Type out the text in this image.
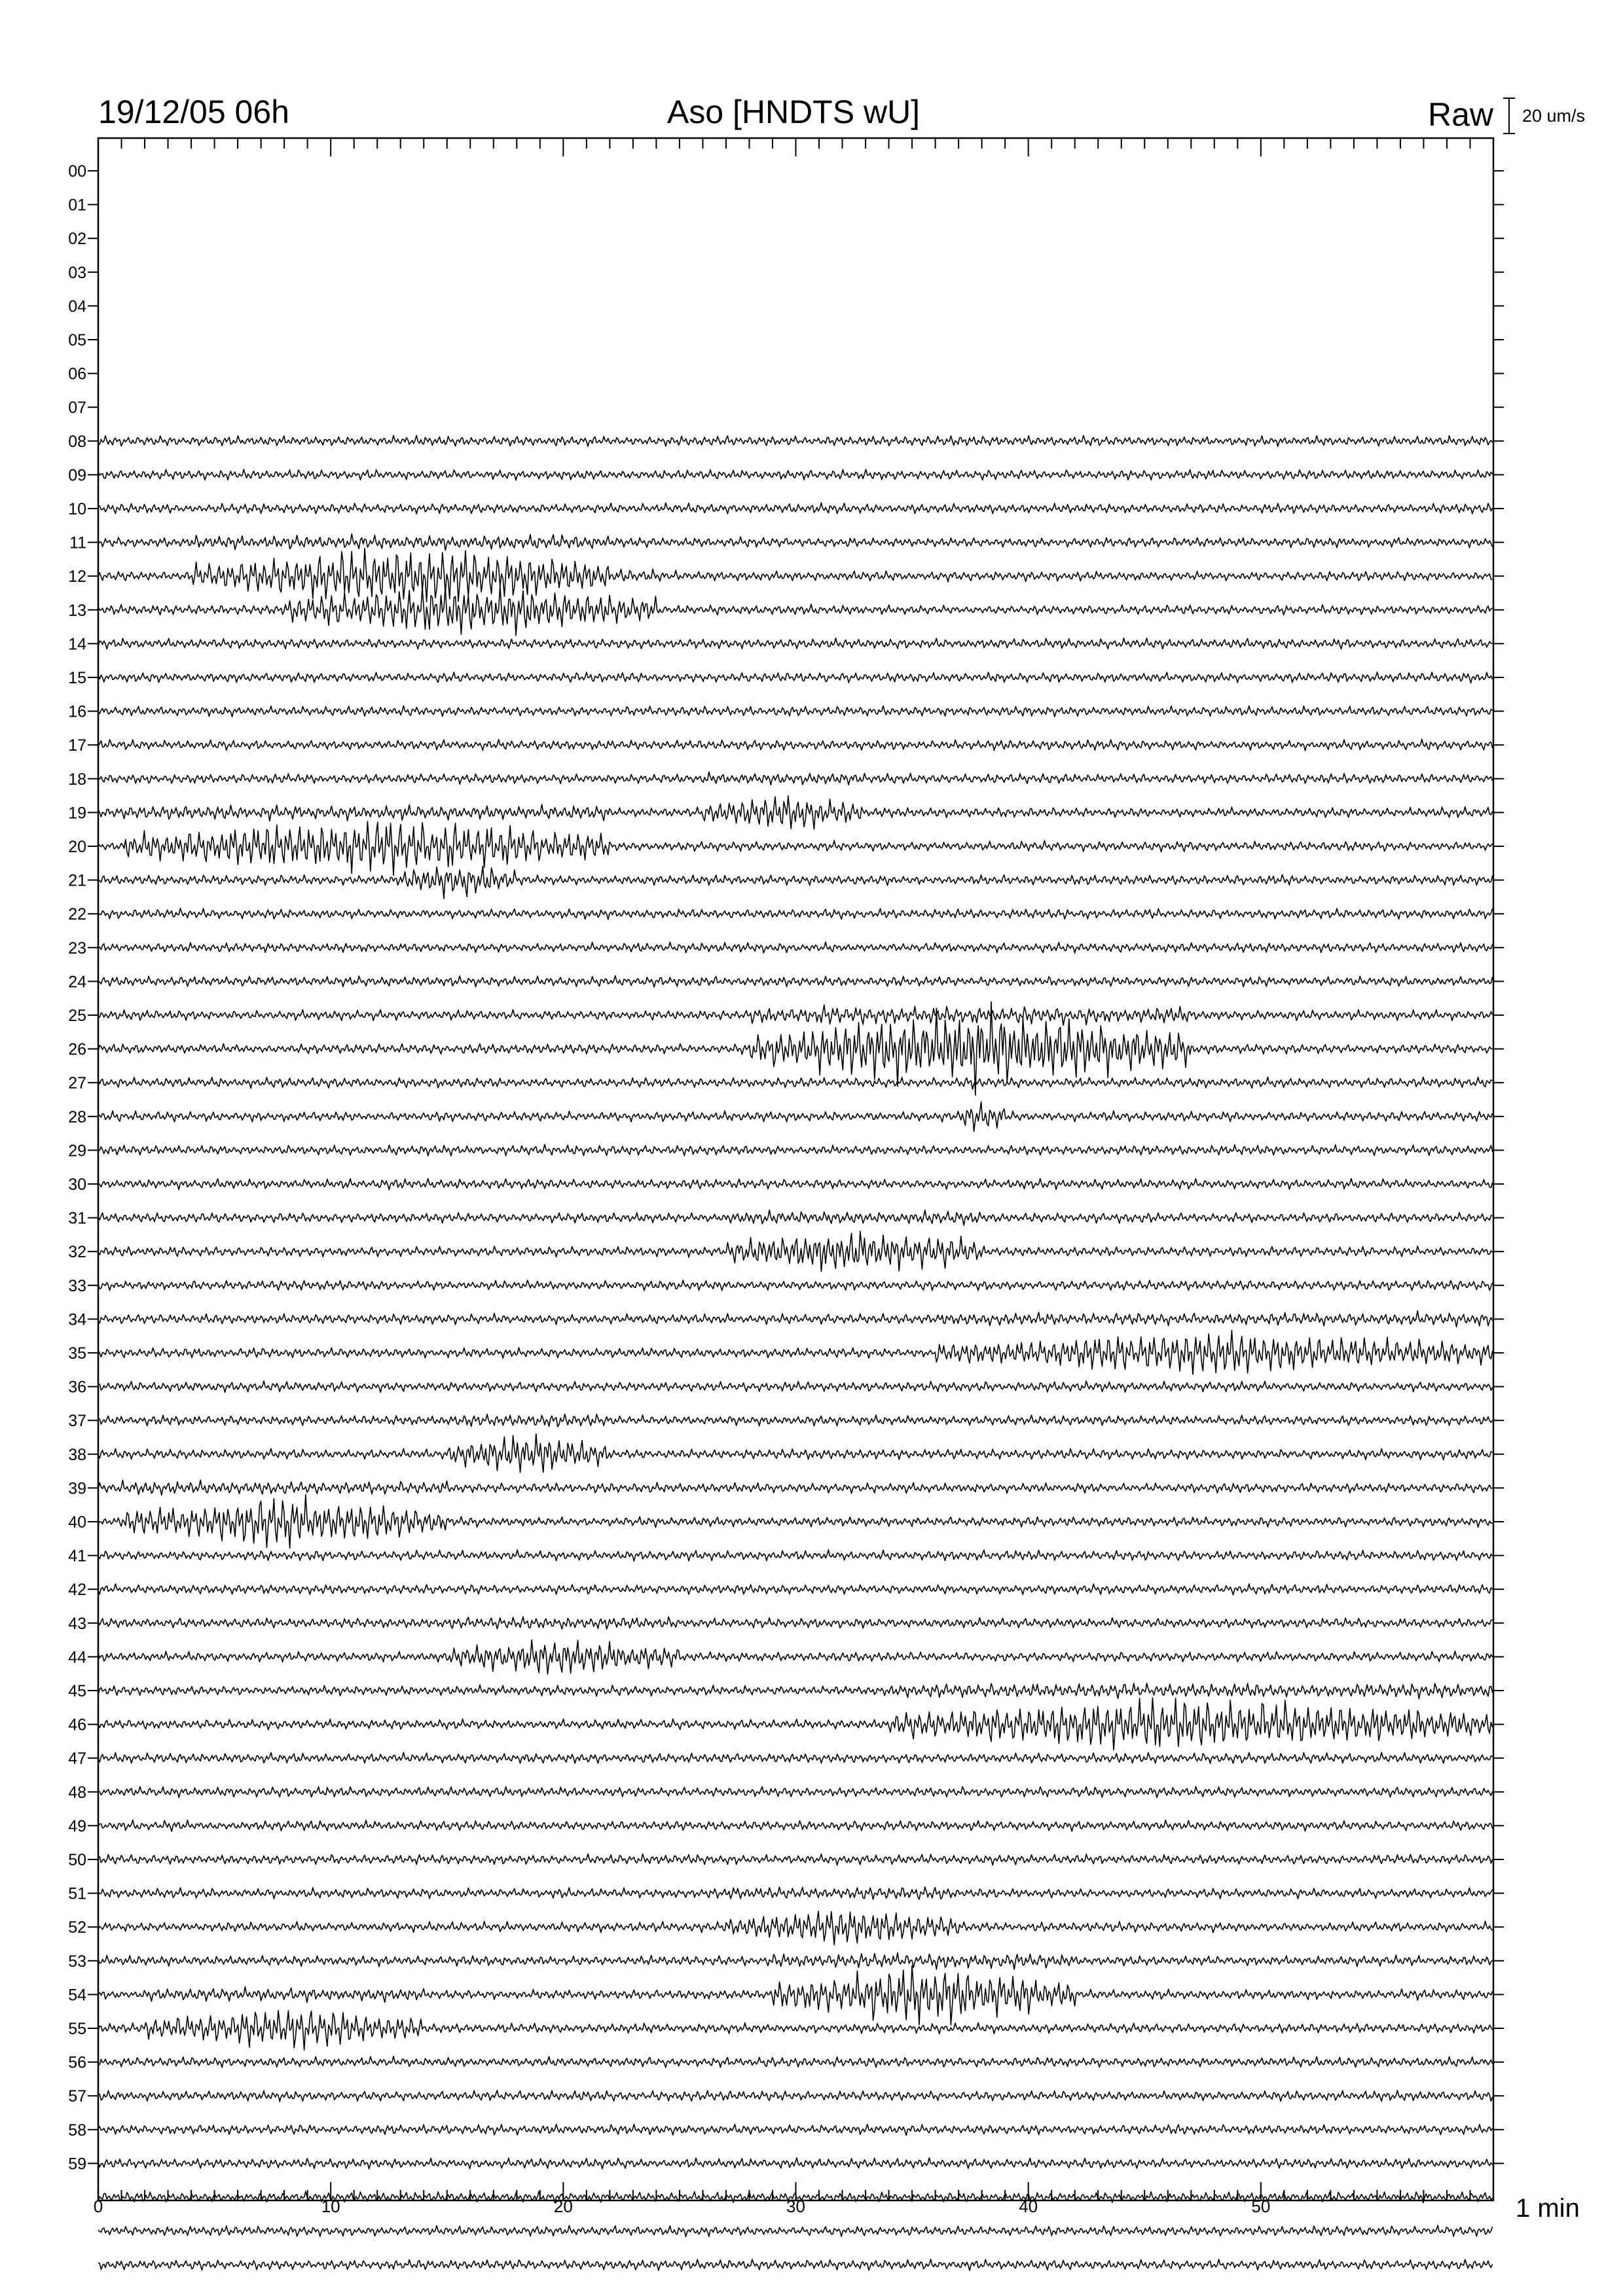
19/12/05 06h	Aso [HNDTS wU]	Raw 20 um/s
00
01
02
03
04
05
06
07
08
09
10
11
12
13
14
15
16
17
18
19
20
21
22
23
24
25
26
27
28
29
30
31
32
33
34
35
36
37
38
39
40
41
42
43
44
45
46
47
48
49
50
51
52
53
54
55
56
57
58
59
0	10	20	30	40	50	1 min
